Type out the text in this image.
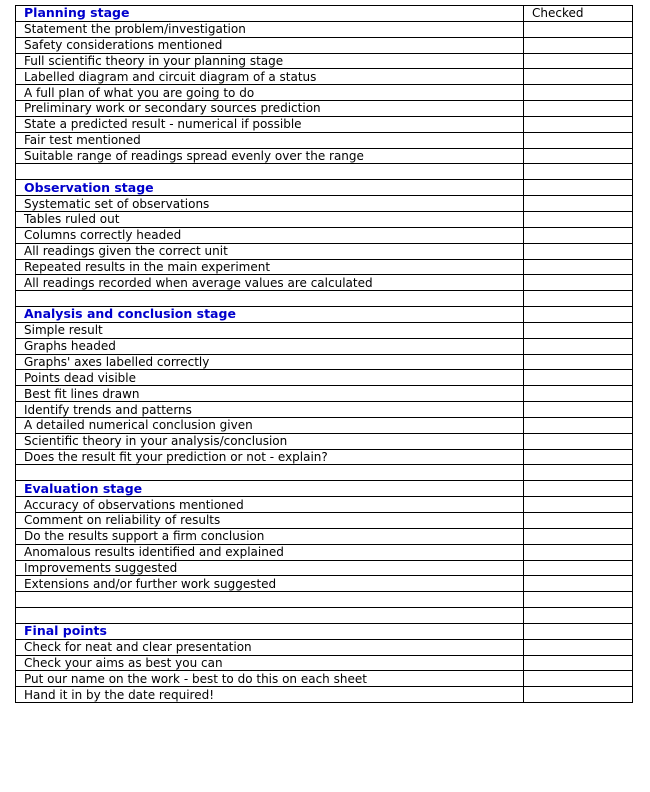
Planning stage	Checked
Statement the problem/investigation	
Safety considerations mentioned	
Full scientific theory in your planning stage	
Labelled diagram and circuit diagram of a status	
A full pIan of what you are going to do	
Preliminary work or secondary sources prediction	
State a predicted result - numerical if possible	
Fair test mentioned	
Suitable range of readings spread evenly over the range	

Observation stage	
Systematic set of observations	
Tables ruled out	
Columns correctly headed	
All readings given the correct unit	
Repeated results in the main experiment	
All readings recorded when average values are calculated	

Analysis and conclusion stage	
Simple result	
Graphs headed	
Graphs' axes labelled correctly	
Points dead visible	
Best fit lines drawn	
Identify trends and patterns	
A detailed numerical conclusion given	
Scientific theory in your analysis/conclusion	
Does the result fit your prediction or not - explain?	

Evaluation stage	
Accuracy of observations mentioned	
Comment on reliability of results	
Do the results support a firm conclusion	
Anomalous results identified and explained	
Improvements suggested	
Extensions and/or further work suggested	

Final points	
Check for neat and clear presentation	
Check your aims as best you can	
Put our name on the work - best to do this on each sheet	
Hand it in by the date required!	
